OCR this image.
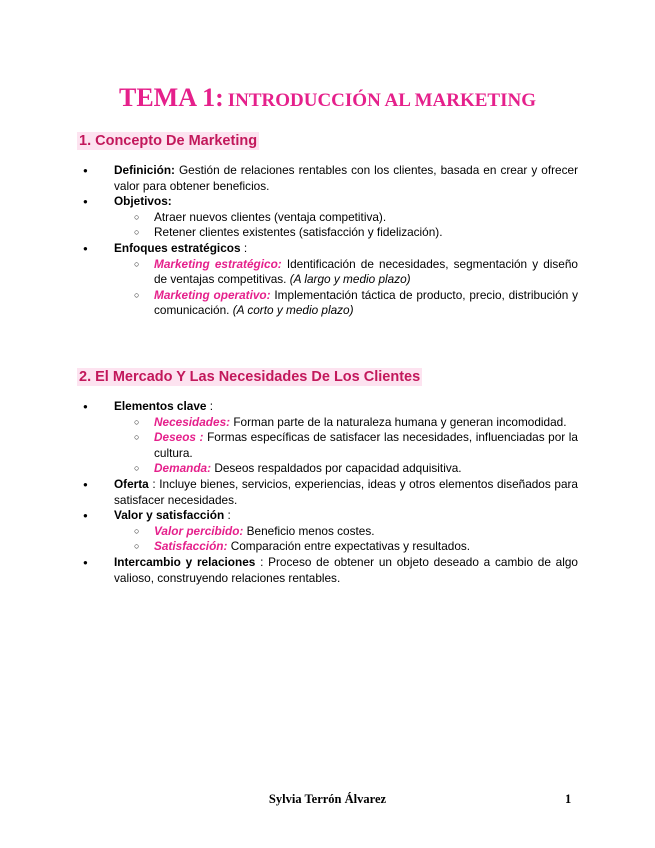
TEMA 1: INTRODUCCIÓN AL MARKETING
1. Concepto De Marketing
● Definición: Gestión de relaciones rentables con los clientes, basada en crear y ofrecer valor para obtener beneficios.
● Objetivos:
○ Atraer nuevos clientes (ventaja competitiva).
○ Retener clientes existentes (satisfacción y fidelización).
● Enfoques estratégicos :
○ Marketing estratégico: Identificación de necesidades, segmentación y diseño de ventajas competitivas. (A largo y medio plazo)
○ Marketing operativo: Implementación táctica de producto, precio, distribución y comunicación. (A corto y medio plazo)
2. El Mercado Y Las Necesidades De Los Clientes
● Elementos clave :
○ Necesidades: Forman parte de la naturaleza humana y generan incomodidad.
○ Deseos : Formas específicas de satisfacer las necesidades, influenciadas por la cultura.
○ Demanda: Deseos respaldados por capacidad adquisitiva.
● Oferta : Incluye bienes, servicios, experiencias, ideas y otros elementos diseñados para satisfacer necesidades.
● Valor y satisfacción :
○ Valor percibido: Beneficio menos costes.
○ Satisfacción: Comparación entre expectativas y resultados.
● Intercambio y relaciones : Proceso de obtener un objeto deseado a cambio de algo valioso, construyendo relaciones rentables.
Sylvia Terrón Álvarez	1
